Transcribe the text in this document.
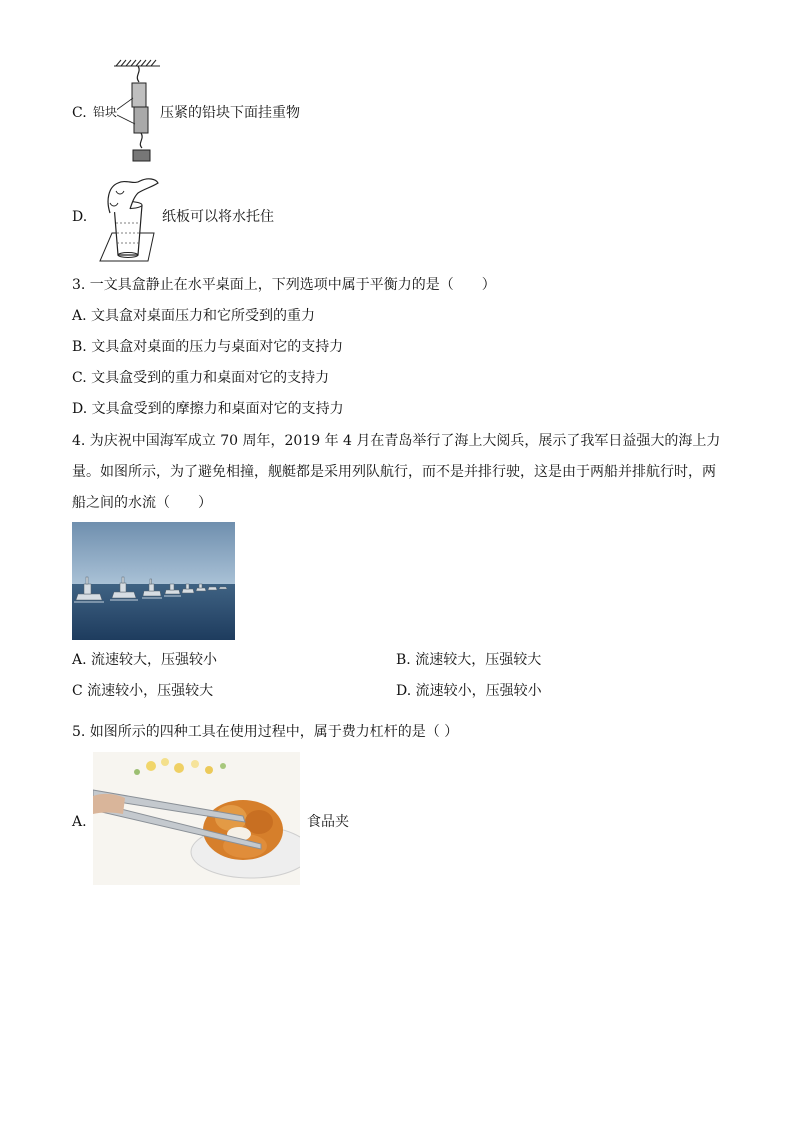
C. 铅块	压紧的铅块下面挂重物
D.	纸板可以将水托住
3. 一文具盒静止在水平桌面上，下列选项中属于平衡力的是（　　）
A. 文具盒对桌面压力和它所受到的重力
B. 文具盒对桌面的压力与桌面对它的支持力
C. 文具盒受到的重力和桌面对它的支持力
D. 文具盒受到的摩擦力和桌面对它的支持力
4. 为庆祝中国海军成立 70 周年，2019 年 4 月在青岛举行了海上大阅兵，展示了我军日益强大的海上力
量。如图所示，为了避免相撞，舰艇都是采用列队航行，而不是并排行驶，这是由于两船并排航行时，两
船之间的水流（　　）
A. 流速较大，压强较小	B. 流速较大，压强较大
C 流速较小，压强较大	D. 流速较小，压强较小
5. 如图所示的四种工具在使用过程中，属于费力杠杆的是（ ）
A.	食品夹
